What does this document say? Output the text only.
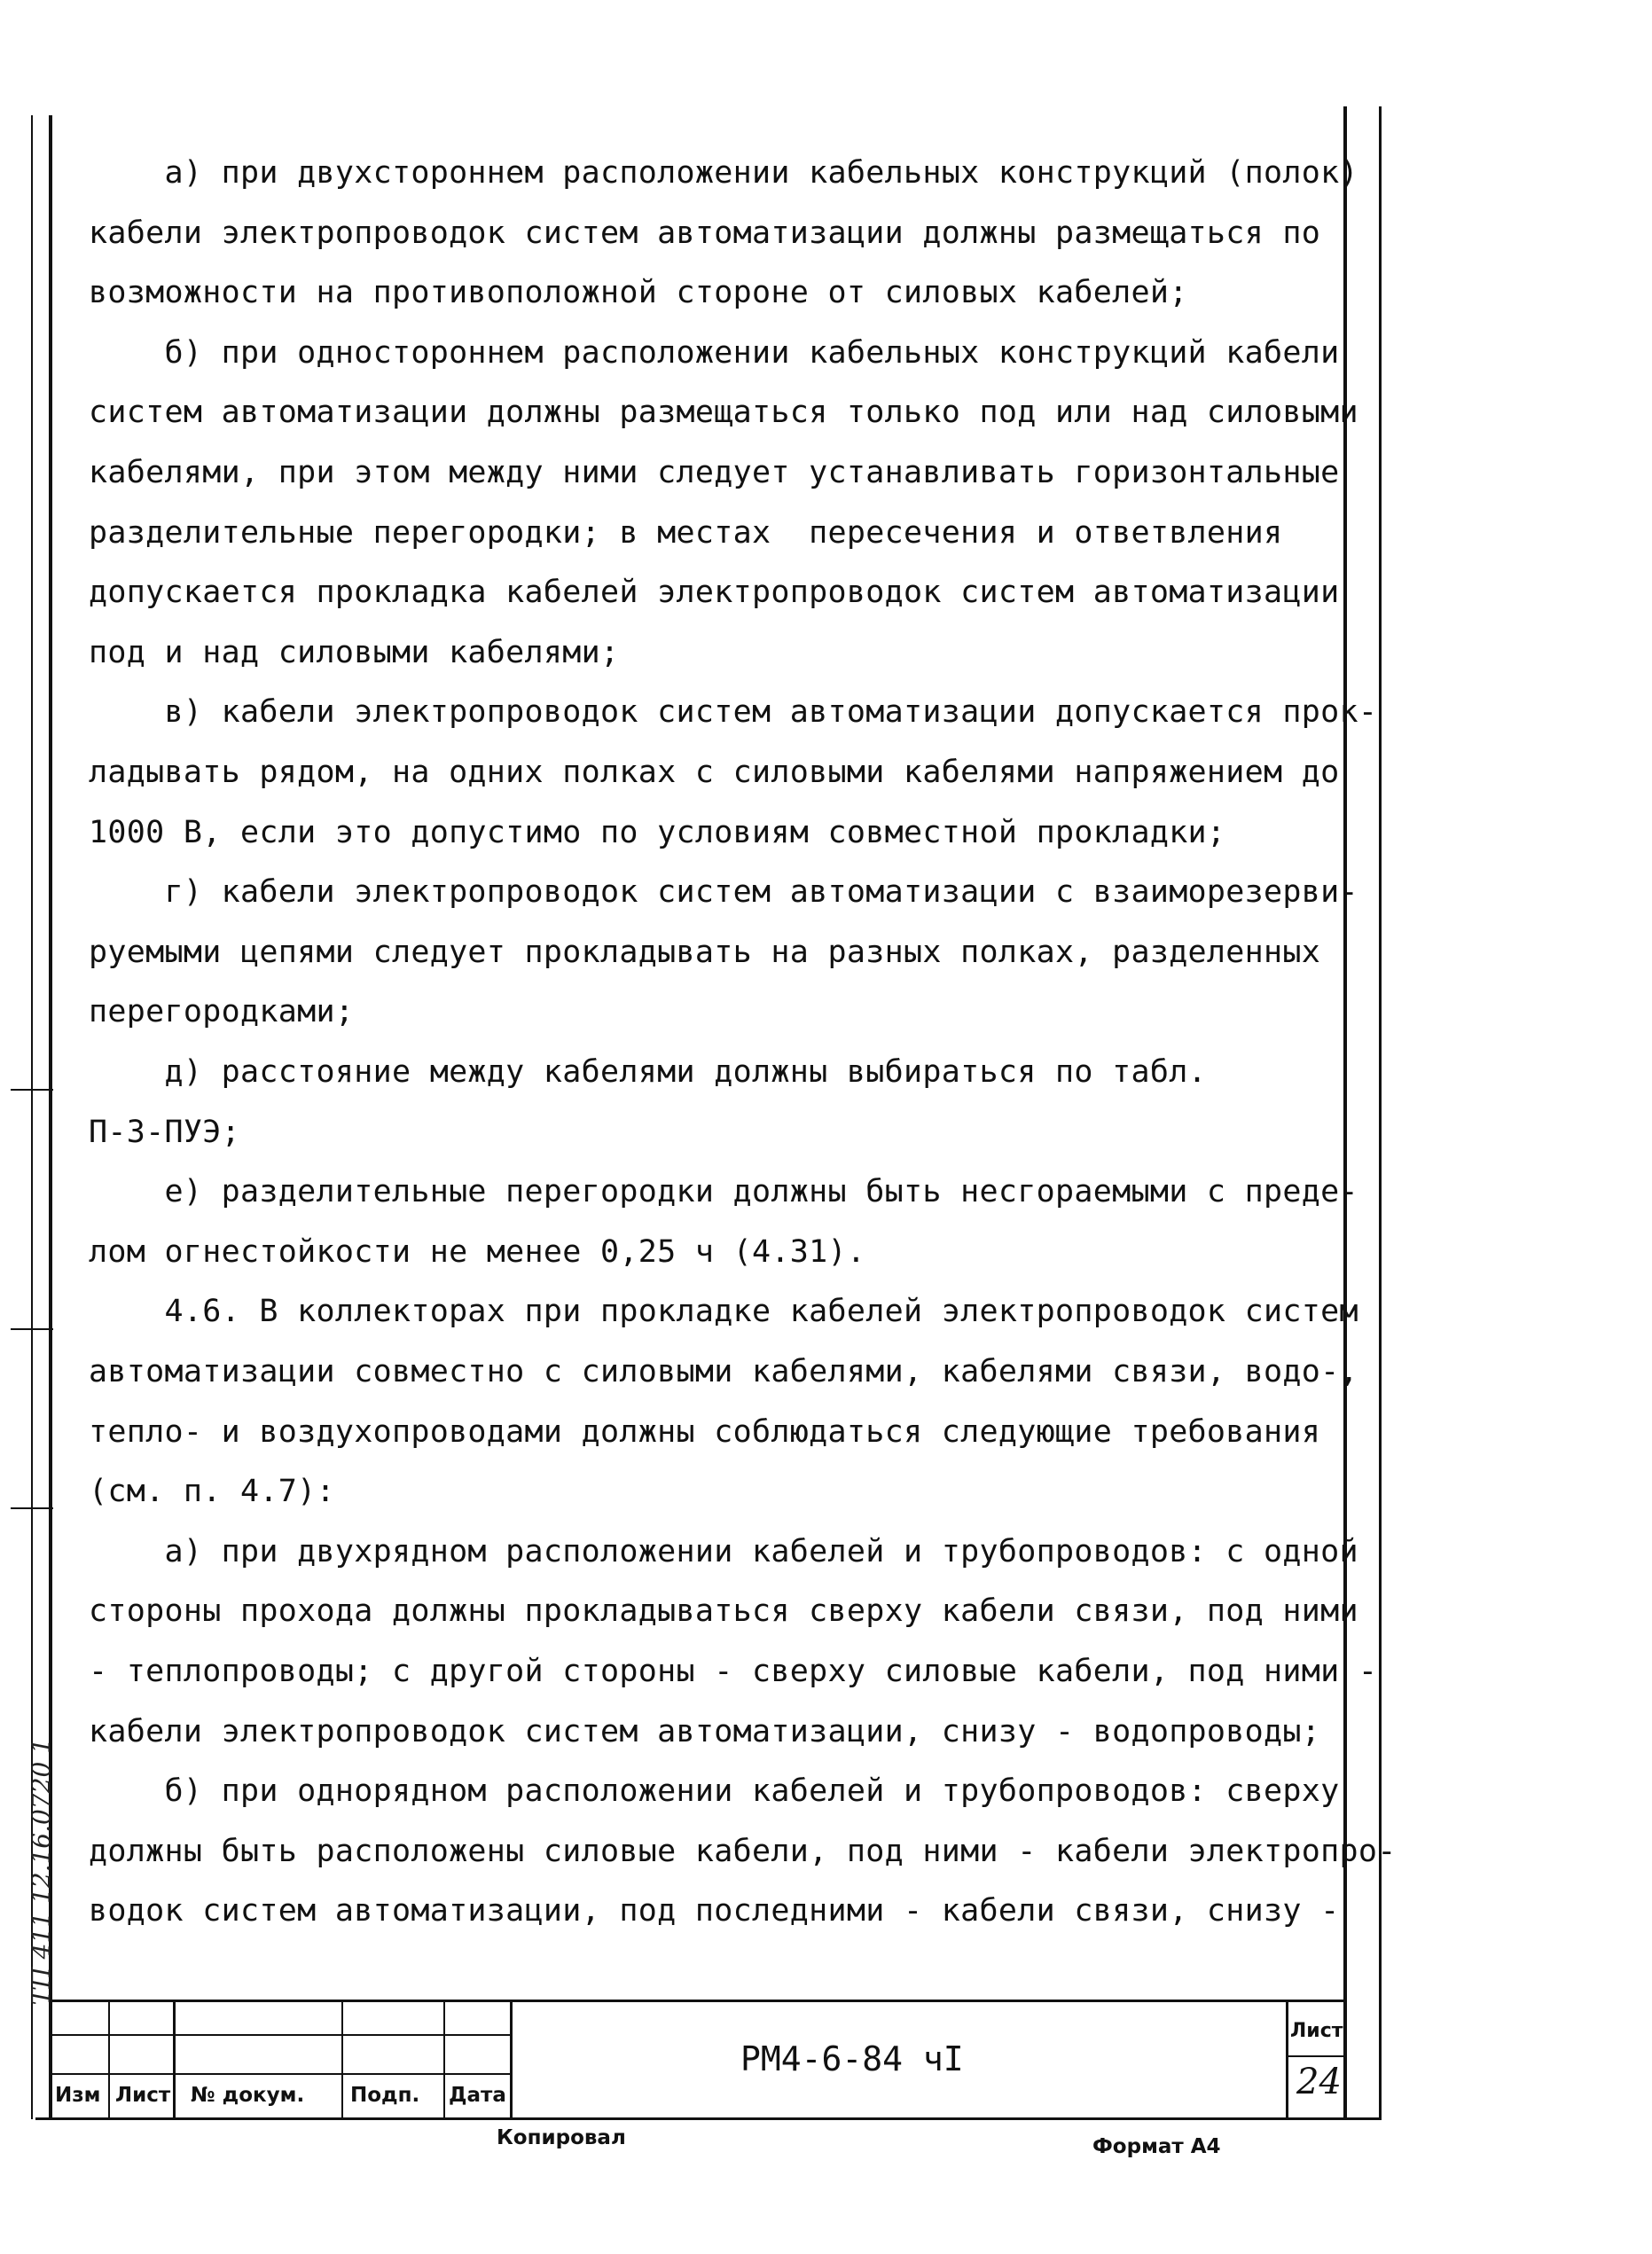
а) при двухстороннем расположении кабельных конструкций (полок)
кабели электропроводок систем автоматизации должны размещаться по
возможности на противоположной стороне от силовых кабелей;
б) при одностороннем расположении кабельных конструкций кабели
систем автоматизации должны размещаться только под или над силовыми
кабелями, при этом между ними следует устанавливать горизонтальные
разделительные перегородки; в местах  пересечения и ответвления
допускается прокладка кабелей электропроводок систем автоматизации
под и над силовыми кабелями;
в) кабели электропроводок систем автоматизации допускается прок-
ладывать рядом, на одних полках с силовыми кабелями напряжением до
1000 В, если это допустимо по условиям совместной прокладки;
г) кабели электропроводок систем автоматизации с взаиморезерви-
руемыми цепями следует прокладывать на разных полках, разделенных
перегородками;
д) расстояние между кабелями должны выбираться по табл.
П-3-ПУЭ;
е) разделительные перегородки должны быть несгораемыми с преде-
лом огнестойкости не менее 0,25 ч (4.31).
4.6. В коллекторах при прокладке кабелей электропроводок систем
автоматизации совместно с силовыми кабелями, кабелями связи, водо-,
тепло- и воздухопроводами должны соблюдаться следующие требования
(см. п. 4.7):
а) при двухрядном расположении кабелей и трубопроводов: с одной
стороны прохода должны прокладываться сверху кабели связи, под ними
- теплопроводы; с другой стороны - сверху силовые кабели, под ними -
кабели электропроводок систем автоматизации, снизу - водопроводы;
б) при однорядном расположении кабелей и трубопроводов: сверху
должны быть расположены силовые кабели, под ними - кабели электропро-
водок систем автоматизации, под последними - кабели связи, снизу -
Изм Лист № докум. Подп. Дата
РМ4-6-84 чI
Лист
24
Копировал	Формат А4
ТП 411 12.16.0720 1
